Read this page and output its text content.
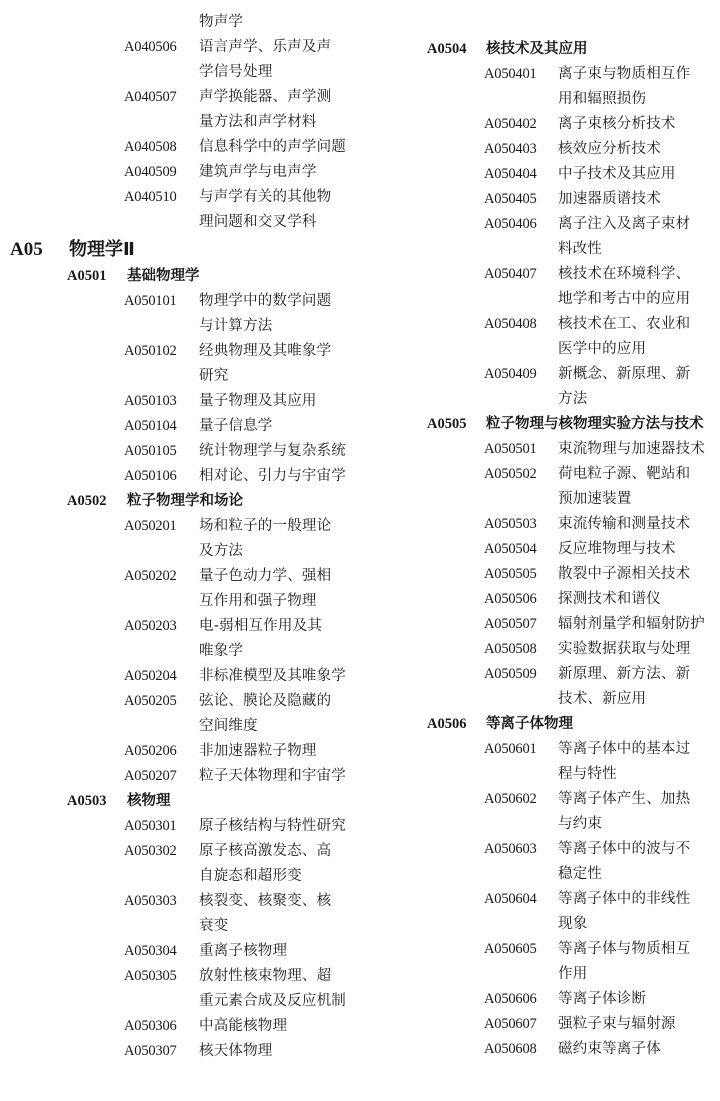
物声学
A040506 语言声学、乐声及声
学信号处理
A040507 声学换能器、声学测
量方法和声学材料
A040508 信息科学中的声学问题
A040509 建筑声学与电声学
A040510 与声学有关的其他物
理问题和交叉学科
A05 物理学Ⅱ
A0501 基础物理学
A050101 物理学中的数学问题
与计算方法
A050102 经典物理及其唯象学
研究
A050103 量子物理及其应用
A050104 量子信息学
A050105 统计物理学与复杂系统
A050106 相对论、引力与宇宙学
A0502 粒子物理学和场论
A050201 场和粒子的一般理论
及方法
A050202 量子色动力学、强相
互作用和强子物理
A050203 电-弱相互作用及其
唯象学
A050204 非标准模型及其唯象学
A050205 弦论、膜论及隐藏的
空间维度
A050206 非加速器粒子物理
A050207 粒子天体物理和宇宙学
A0503 核物理
A050301 原子核结构与特性研究
A050302 原子核高激发态、高
自旋态和超形变
A050303 核裂变、核聚变、核
衰变
A050304 重离子核物理
A050305 放射性核束物理、超
重元素合成及反应机制
A050306 中高能核物理
A050307 核天体物理
A0504 核技术及其应用
A050401 离子束与物质相互作
用和辐照损伤
A050402 离子束核分析技术
A050403 核效应分析技术
A050404 中子技术及其应用
A050405 加速器质谱技术
A050406 离子注入及离子束材
料改性
A050407 核技术在环境科学、
地学和考古中的应用
A050408 核技术在工、农业和
医学中的应用
A050409 新概念、新原理、新
方法
A0505 粒子物理与核物理实验方法与技术
A050501 束流物理与加速器技术
A050502 荷电粒子源、靶站和
预加速装置
A050503 束流传输和测量技术
A050504 反应堆物理与技术
A050505 散裂中子源相关技术
A050506 探测技术和谱仪
A050507 辐射剂量学和辐射防护
A050508 实验数据获取与处理
A050509 新原理、新方法、新
技术、新应用
A0506 等离子体物理
A050601 等离子体中的基本过
程与特性
A050602 等离子体产生、加热
与约束
A050603 等离子体中的波与不
稳定性
A050604 等离子体中的非线性
现象
A050605 等离子体与物质相互
作用
A050606 等离子体诊断
A050607 强粒子束与辐射源
A050608 磁约束等离子体
